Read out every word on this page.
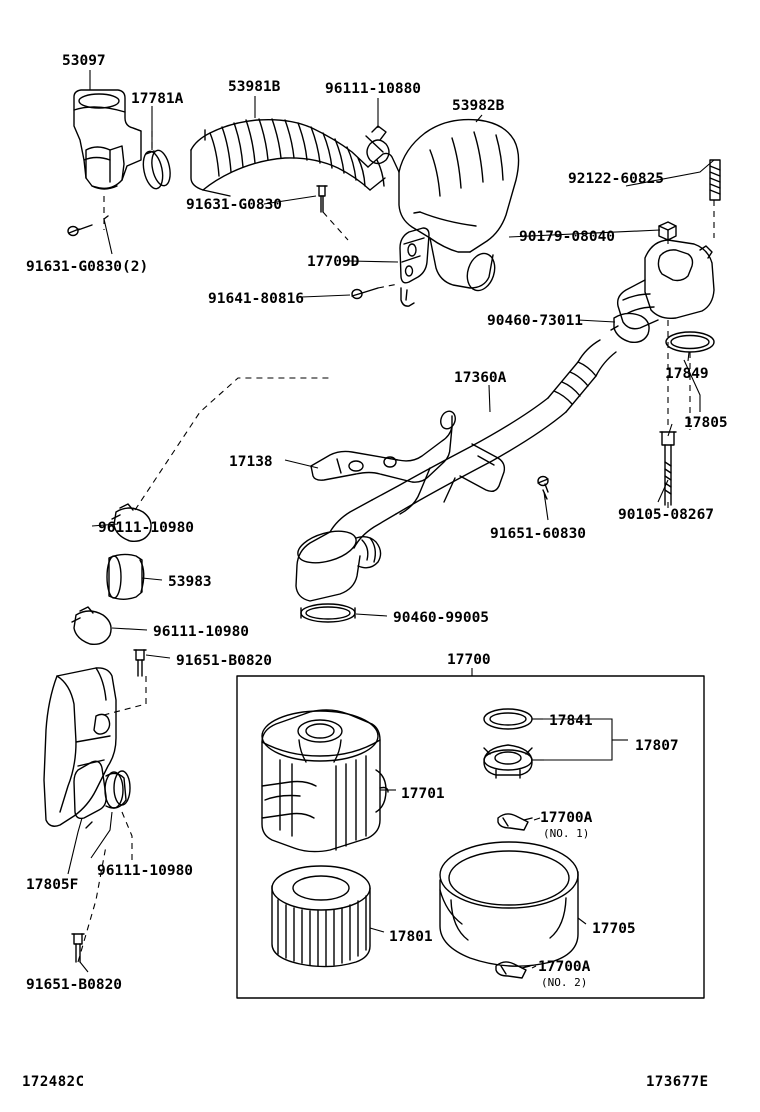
53097
17781A
53981B	96111-10880
53982B
92122-60825
91631-G0830
90179-08040
91631-G0830(2)	17709D
91641-80816
90460-73011
17849
17805
17360A
17138
91651-60830
90105-08267
96111-10980
53983
90460-99005
96111-10980
91651-B0820	17700
17841
17807
17701
96111-10980
17805F
17801	17705
91651-B0820
17700A
(NO. 1)
17700A
(NO. 2)
172482C	173677E
